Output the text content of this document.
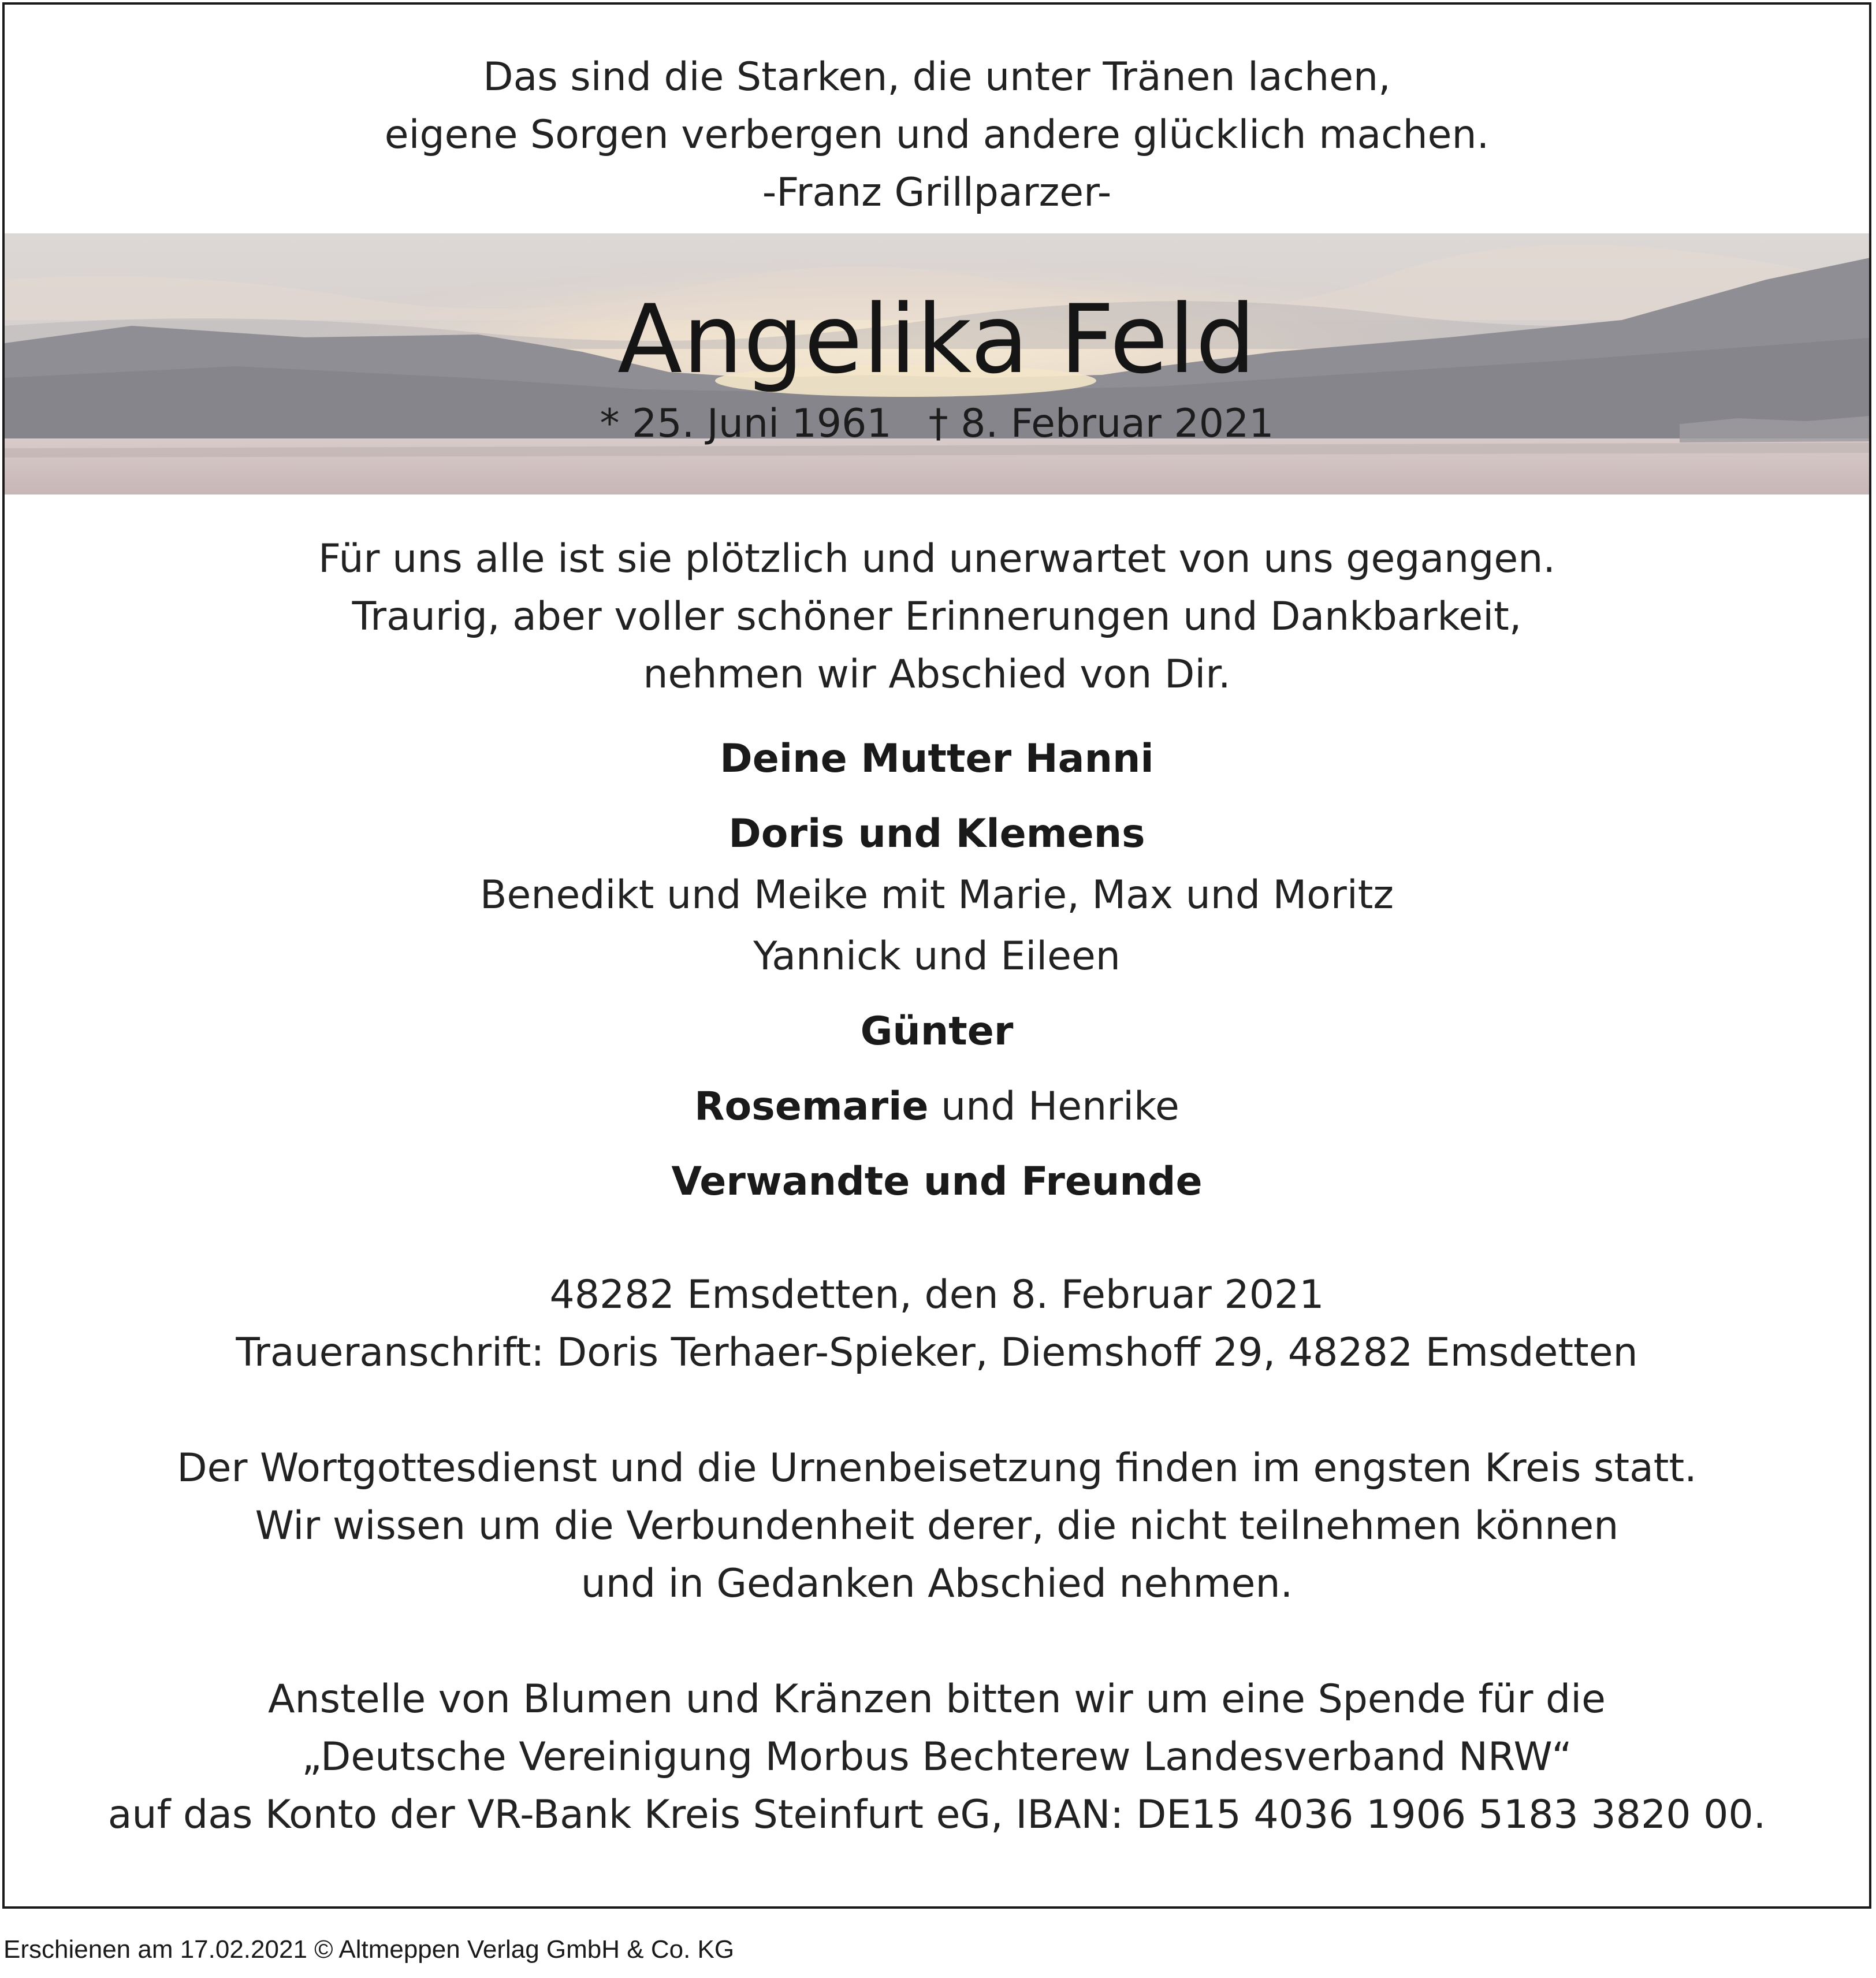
Das sind die Starken, die unter Tränen lachen,

eigene Sorgen verbergen und andere glücklich machen.

-Franz Grillparzer-

Angelika Feld

* 25. Juni 1961 † 8. Februar 2021

Für uns alle ist sie plötzlich und unerwartet von uns gegangen.

Traurig, aber voller schöner Erinnerungen und Dankbarkeit,

nehmen wir Abschied von Dir.

Deine Mutter Hanni

Doris und Klemens

Benedikt und Meike mit Marie, Max und Moritz

Yannick und Eileen

Günter

Rosemarie und Henrike

Verwandte und Freunde

48282 Emsdetten, den 8. Februar 2021

Traueranschrift: Doris Terhaer-Spieker, Diemshoff 29, 48282 Emsdetten

Der Wortgottesdienst und die Urnenbeisetzung finden im engsten Kreis statt.

Wir wissen um die Verbundenheit derer, die nicht teilnehmen können

und in Gedanken Abschied nehmen.

Anstelle von Blumen und Kränzen bitten wir um eine Spende für die

„Deutsche Vereinigung Morbus Bechterew Landesverband NRW“

auf das Konto der VR-Bank Kreis Steinfurt eG, IBAN: DE15 4036 1906 5183 3820 00.

Erschienen am 17.02.2021 © Altmeppen Verlag GmbH & Co. KG
